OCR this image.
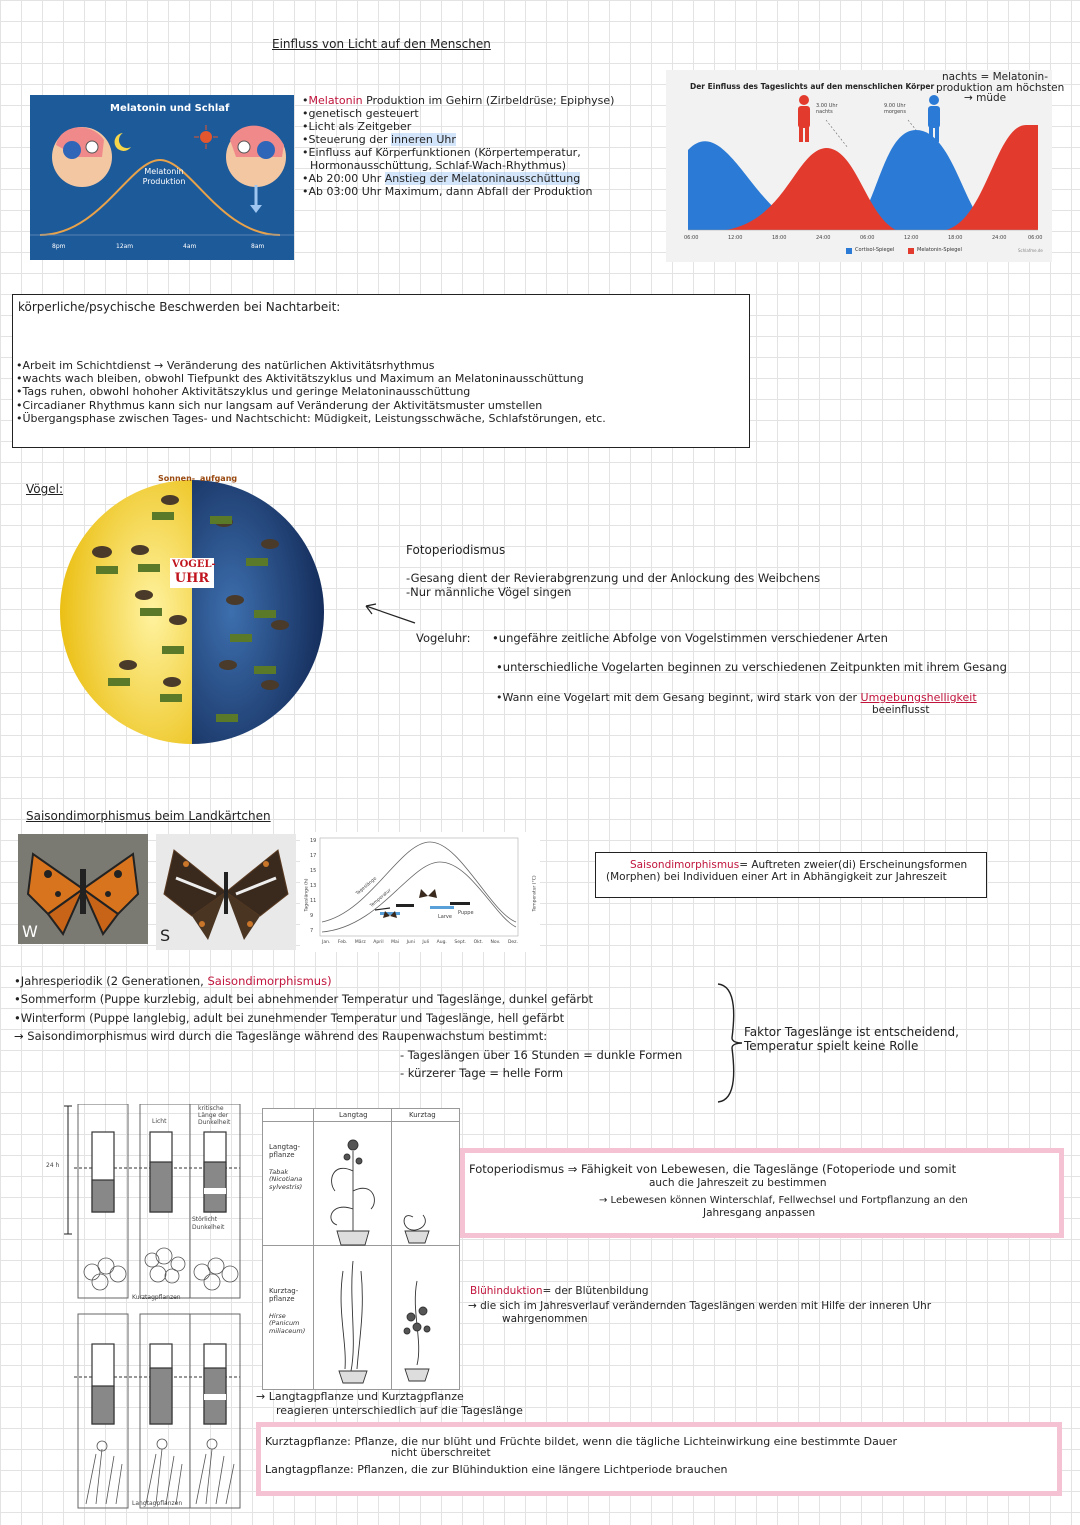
Einfluss von Licht auf den Menschen
Melatonin und Schlaf
Melatonin Produktion
8pm	12am	4am	8am
•Melatonin Produktion im Gehirn (Zirbeldrüse; Epiphyse)
•genetisch gesteuert
•Licht als Zeitgeber
•Steuerung der inneren Uhr
•Einfluss auf Körperfunktionen (Körpertemperatur,
Hormonausschüttung, Schlaf-Wach-Rhythmus)
•Ab 20:00 Uhr Anstieg der Melatoninausschüttung
•Ab 03:00 Uhr Maximum, dann Abfall der Produktion
Der Einfluss des Tageslichts auf den menschlichen Körper
3.00 Uhr nachts
9.00 Uhr morgens
06:00	12:00	18:00	24:00	06:00	12:00	18:00	24:00	06:00
Cortisol-Spiegel	Melatonin-Spiegel	Schlafme.de
nachts = Melatonin-
produktion am höchsten
→ müde
körperliche/psychische Beschwerden bei Nachtarbeit:
•Arbeit im Schichtdienst → Veränderung des natürlichen Aktivitätsrhythmus
•wachts wach bleiben, obwohl Tiefpunkt des Aktivitätszyklus und Maximum an Melatoninausschüttung
•Tags ruhen, obwohl hohoher Aktivitätszyklus und geringe Melatoninausschüttung
•Circadianer Rhythmus kann sich nur langsam auf Veränderung der Aktivitätsmuster umstellen
•Übergangsphase zwischen Tages- und Nachtschicht: Müdigkeit, Leistungsschwäche, Schlafstörungen, etc.
Vögel:
Sonnen- aufgang
VOGEL-
UHR
Fotoperiodismus
-Gesang dient der Revierabgrenzung und der Anlockung des Weibchens
-Nur männliche Vögel singen
Vogeluhr: •ungefähre zeitliche Abfolge von Vogelstimmen verschiedener Arten
•unterschiedliche Vogelarten beginnen zu verschiedenen Zeitpunkten mit ihrem Gesang
•Wann eine Vogelart mit dem Gesang beginnt, wird stark von der Umgebungshelligkeit
beeinflusst
Saisondimorphismus beim Landkärtchen
W	S
Tageslänge (h)	Temperatur (°C)
19
17
15
13
11
9
7
Tageslänge
Temperatur
Larve
Puppe
Jan. Feb. März April Mai Juni Juli Aug. Sept. Okt. Nov. Dez.
Saisondimorphismus= Auftreten zweier(di) Erscheinungsformen (Morphen) bei Individuen einer Art in Abhängigkeit zur Jahreszeit
•Jahresperiodik (2 Generationen, Saisondimorphismus)
•Sommerform (Puppe kurzlebig, adult bei abnehmender Temperatur und Tageslänge, dunkel gefärbt
•Winterform (Puppe langlebig, adult bei zunehmender Temperatur und Tageslänge, hell gefärbt
→ Saisondimorphismus wird durch die Tageslänge während des Raupenwachstum bestimmt:
- Tageslängen über 16 Stunden = dunkle Formen
- kürzerer Tage = helle Form
Faktor Tageslänge ist entscheidend, Temperatur spielt keine Rolle
24 h
Licht
kritische Länge der Dunkelheit
Störlicht Dunkelheit
Kurztagpflanzen
Langtagpflanzen
Langtag	Kurztag
Langtag-pflanze
Tabak (Nicotiana sylvestris)
Kurztag-pflanze
Hirse (Panicum miliaceum)
Fotoperiodismus ⇒ Fähigkeit von Lebewesen, die Tageslänge (Fotoperiode und somit
auch die Jahreszeit zu bestimmen
→ Lebewesen können Winterschlaf, Fellwechsel und Fortpflanzung an den
Jahresgang anpassen
Blühinduktion= der Blütenbildung
→ die sich im Jahresverlauf verändernden Tageslängen werden mit Hilfe der inneren Uhr
wahrgenommen
→ Langtagpflanze und Kurztagpflanze
reagieren unterschiedlich auf die Tageslänge
Kurztagpflanze: Pflanze, die nur blüht und Früchte bildet, wenn die tägliche Lichteinwirkung eine bestimmte Dauer
nicht überschreitet
Langtagpflanze: Pflanzen, die zur Blühinduktion eine längere Lichtperiode brauchen
